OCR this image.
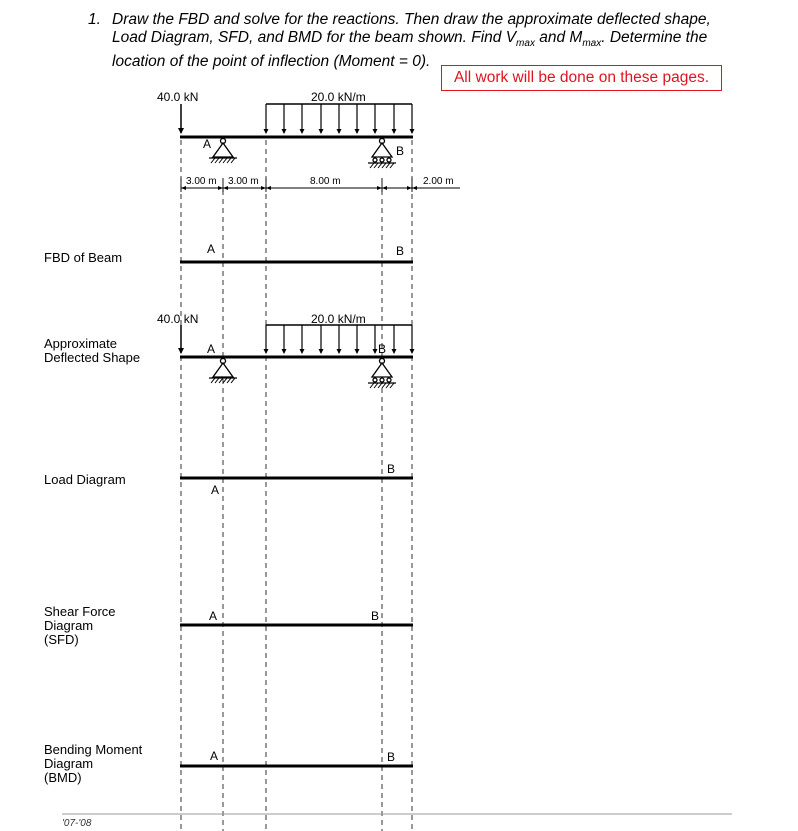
1. Draw the FBD and solve for the reactions. Then draw the approximate deflected shape, Load Diagram, SFD, and BMD for the beam shown. Find $V_{max}$ and $M_{max}$. Determine the location of the point of inflection (Moment = 0).
All work will be done on these pages.
40.0 kN	20.0 kN/m
A	B
3.00 m 3.00 m	8.00 m	2.00 m
FBD of Beam
Approximate
Deflected Shape
Load Diagram
Shear Force
Diagram
(SFD)
Bending Moment
Diagram
(BMD)
A	B
40.0 kN	20.0 kN/m
A	B
A
B
A	B
A	B
'07-'08
